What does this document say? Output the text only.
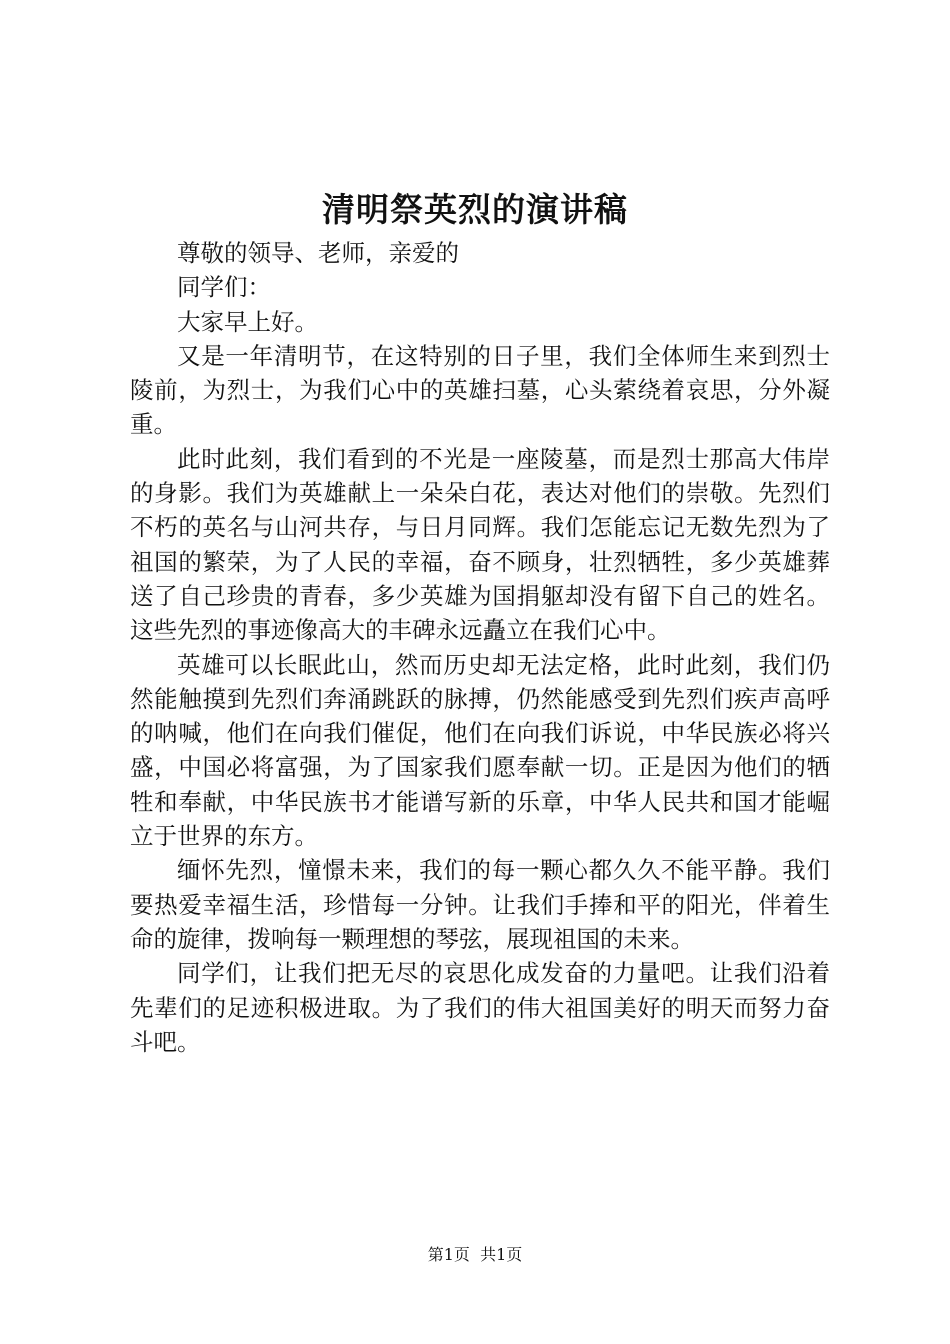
清明祭英烈的演讲稿

尊敬的领导、老师，亲爱的

同学们：

大家早上好。

又是一年清明节，在这特别的日子里，我们全体师生来到烈士陵前，为烈士，为我们心中的英雄扫墓，心头萦绕着哀思，分外凝重。

此时此刻，我们看到的不光是一座陵墓，而是烈士那高大伟岸的身影。我们为英雄献上一朵朵白花，表达对他们的崇敬。先烈们不朽的英名与山河共存，与日月同辉。我们怎能忘记无数先烈为了祖国的繁荣，为了人民的幸福，奋不顾身，壮烈牺牲，多少英雄葬送了自己珍贵的青春，多少英雄为国捐躯却没有留下自己的姓名。这些先烈的事迹像高大的丰碑永远矗立在我们心中。

英雄可以长眠此山，然而历史却无法定格，此时此刻，我们仍然能触摸到先烈们奔涌跳跃的脉搏，仍然能感受到先烈们疾声高呼的呐喊，他们在向我们催促，他们在向我们诉说，中华民族必将兴盛，中国必将富强，为了国家我们愿奉献一切。正是因为他们的牺牲和奉献，中华民族书才能谱写新的乐章，中华人民共和国才能崛立于世界的东方。

缅怀先烈，憧憬未来，我们的每一颗心都久久不能平静。我们要热爱幸福生活，珍惜每一分钟。让我们手捧和平的阳光，伴着生命的旋律，拨响每一颗理想的琴弦，展现祖国的未来。

同学们，让我们把无尽的哀思化成发奋的力量吧。让我们沿着先辈们的足迹积极进取。为了我们的伟大祖国美好的明天而努力奋斗吧。

第1页  共1页
